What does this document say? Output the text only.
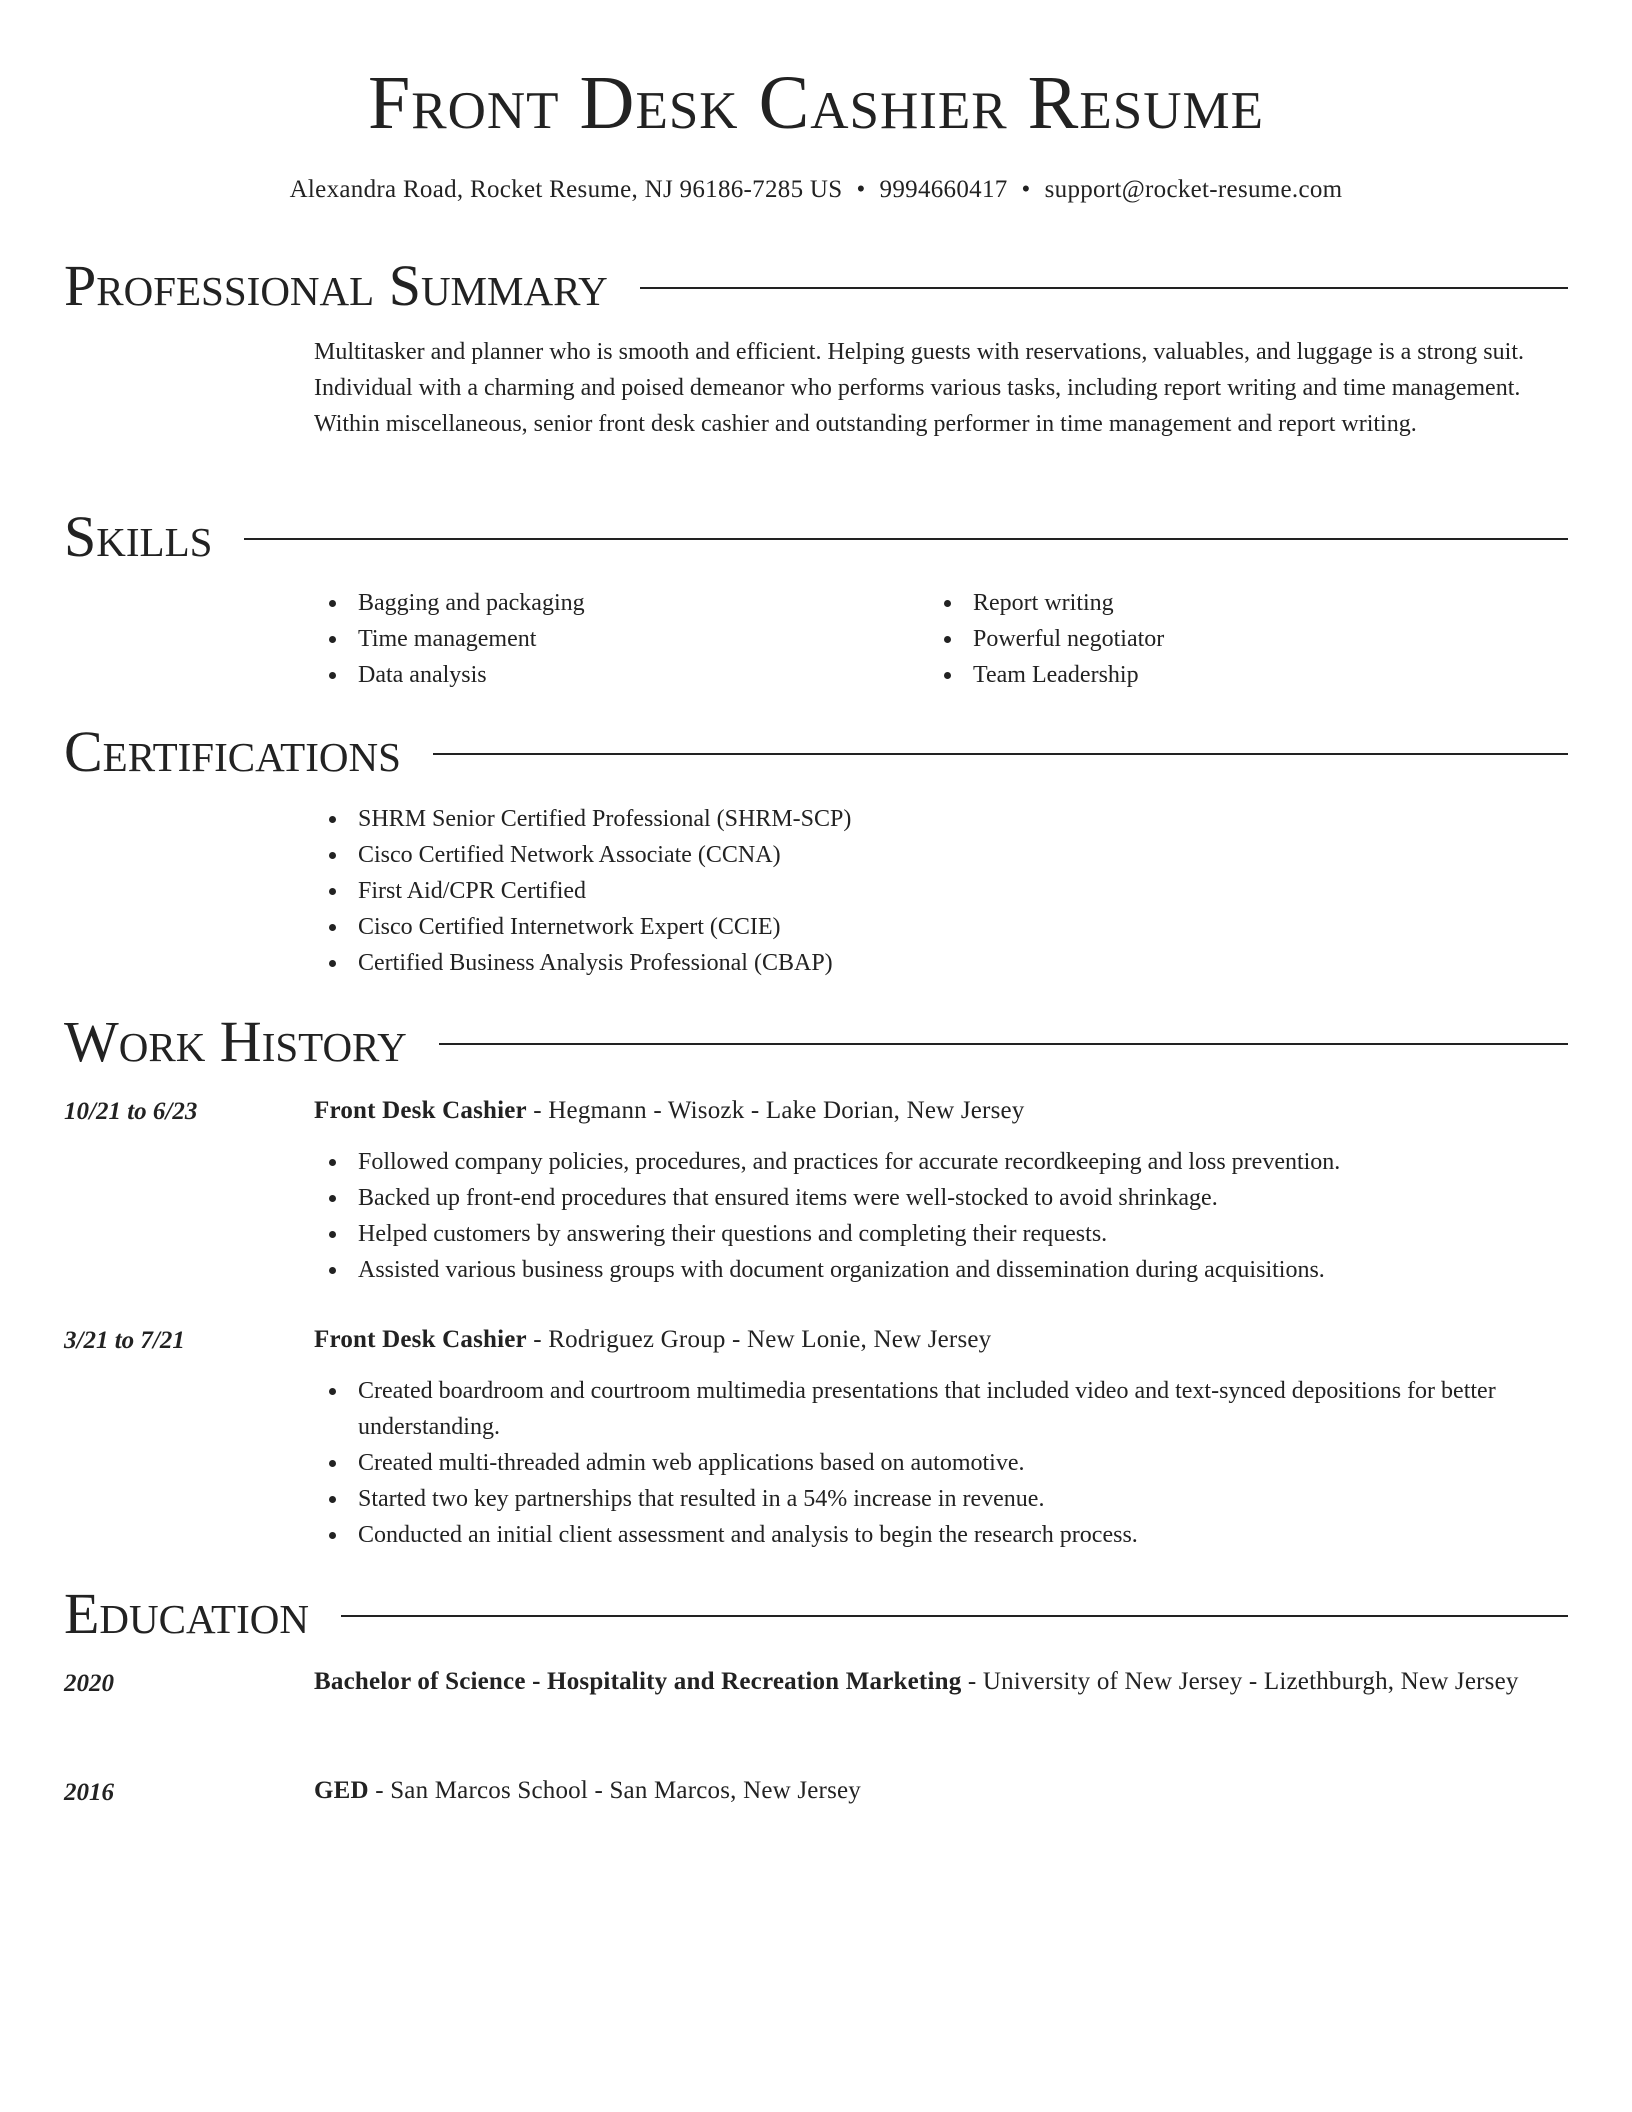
Front Desk Cashier Resume
Alexandra Road, Rocket Resume, NJ 96186-7285 US • 9994660417 • support@rocket-resume.com
Professional Summary

Multitasker and planner who is smooth and efficient. Helping guests with reservations, valuables, and luggage is a strong suit. Individual with a charming and poised demeanor who performs various tasks, including report writing and time management. Within miscellaneous, senior front desk cashier and outstanding performer in time management and report writing.

Skills
Bagging and packaging
Time management
Data analysis
Report writing
Powerful negotiator
Team Leadership
Certifications
SHRM Senior Certified Professional (SHRM-SCP)
Cisco Certified Network Associate (CCNA)
First Aid/CPR Certified
Cisco Certified Internetwork Expert (CCIE)
Certified Business Analysis Professional (CBAP)
Work History
10/21 to 6/23	Front Desk Cashier - Hegmann - Wisozk - Lake Dorian, New Jersey
Followed company policies, procedures, and practices for accurate recordkeeping and loss prevention.
Backed up front-end procedures that ensured items were well-stocked to avoid shrinkage.
Helped customers by answering their questions and completing their requests.
Assisted various business groups with document organization and dissemination during acquisitions.
3/21 to 7/21	Front Desk Cashier - Rodriguez Group - New Lonie, New Jersey
Created boardroom and courtroom multimedia presentations that included video and text-synced depositions for better understanding.
Created multi-threaded admin web applications based on automotive.
Started two key partnerships that resulted in a 54% increase in revenue.
Conducted an initial client assessment and analysis to begin the research process.
Education
2020	Bachelor of Science - Hospitality and Recreation Marketing - University of New Jersey - Lizethburgh, New Jersey
2016	GED - San Marcos School - San Marcos, New Jersey
